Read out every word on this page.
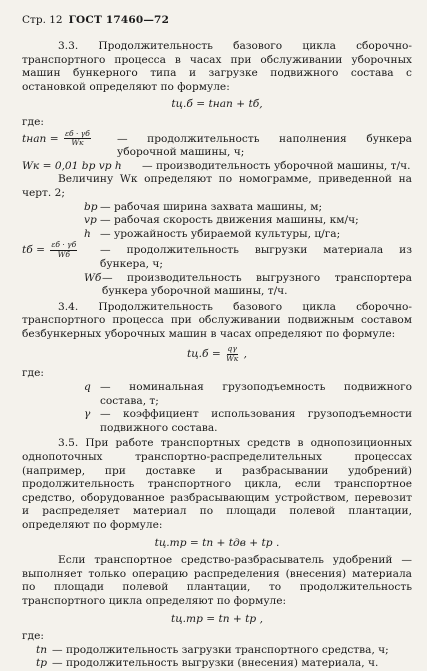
Стр. 12 ГОСТ 17460—72

3.3. Продолжительность базового цикла сборочно-транспортного процесса в часах при обслуживании уборочных машин бункерного типа и загрузке подвижного состава с остановкой определяют по формуле:

tц.б = tнап + tб,
где:
tнап = $\frac{\varepsilon б \cdot \gamma б}{Wк}$ — продолжительность наполнения бункера уборочной машины, ч;
Wк = 0,01 bр vр h	— производительность уборочной машины, т/ч.

Величину Wк определяют по номограмме, приведенной на черт. 2;

bр — рабочая ширина захвата машины, м;
vр — рабочая скорость движения машины, км/ч;
h — урожайность убираемой культуры, ц/га;
tб = $\frac{\varepsilon б \cdot \gamma б}{Wб}$ — продолжительность выгрузки материала из бункера, ч;
Wб — производительность выгрузного транспортера бункера уборочной машины, т/ч.

3.4. Продолжительность базового цикла сборочно-транспортного процесса при обслуживании подвижным составом безбункерных уборочных машин в часах определяют по формуле:

$tц.б = \frac{q\gamma}{Wк}$ ,
где:
q — номинальная грузоподъемность подвижного состава, т;
γ — коэффициент использования грузоподъемности подвижного состава.

3.5. При работе транспортных средств в однопозиционных однопоточных транспортно-распределительных процессах (например, при доставке и разбрасывании удобрений) продолжительность транспортного цикла, если транспортное средство, оборудованное разбрасывающим устройством, перевозит и распределяет материал по площади полевой плантации, определяют по формуле:

tц.тр = tп + tдв + tр .

Если транспортное средство-разбрасыватель удобрений — выполняет только операцию распределения (внесения) материала по площади полевой плантации, то продолжительность транспортного цикла определяют по формуле:

tц.тр = tп + tр ,
где:
tп — продолжительность загрузки транспортного средства, ч;
tр — продолжительность выгрузки (внесения) материала, ч.
